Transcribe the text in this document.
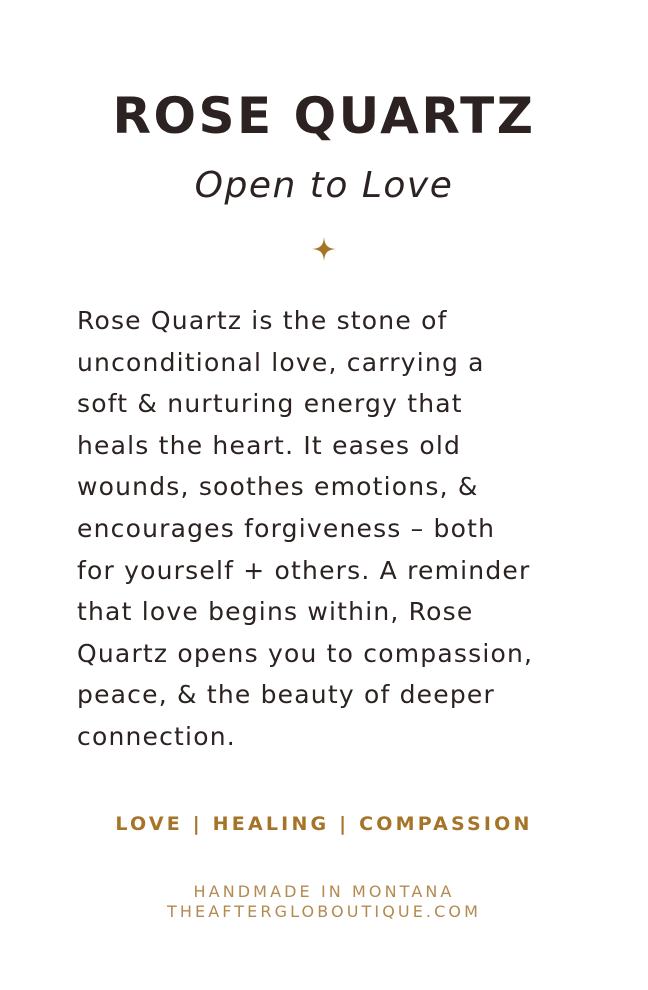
ROSE QUARTZ
Open to Love

Rose Quartz is the stone of
unconditional love, carrying a
soft & nurturing energy that
heals the heart. It eases old
wounds, soothes emotions, &
encourages forgiveness – both
for yourself + others. A reminder
that love begins within, Rose
Quartz opens you to compassion,
peace, & the beauty of deeper
connection.

LOVE | HEALING | COMPASSION
HANDMADE IN MONTANA
THEAFTERGLOBOUTIQUE.COM
